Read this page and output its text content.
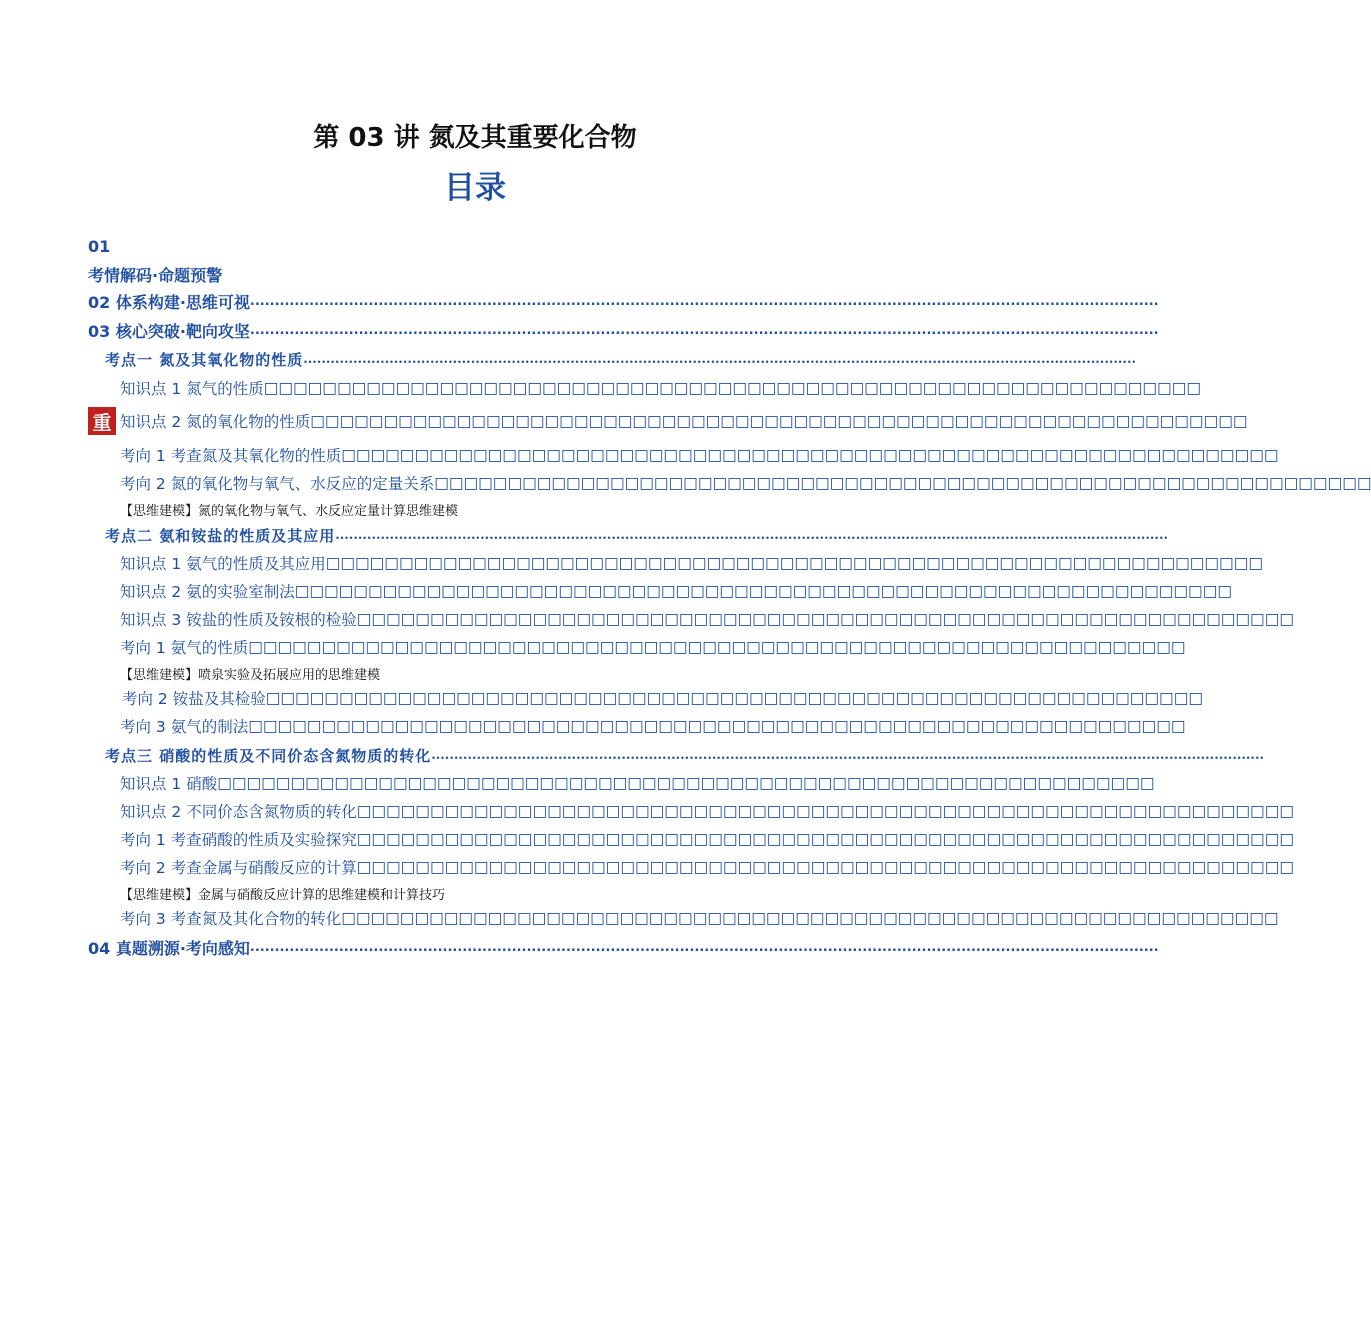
第 03 讲 氮及其重要化合物
目录
重
01
考情解码·命题预警
02 体系构建·思维可视 ........................................................................................................................................................................................
03 核心突破·靶向攻坚 ........................................................................................................................................................................................
考点一 氮及其氧化物的性质 ........................................................................................................................................................................................
知识点 1 氮气的性质 □□□□□□□□□□□□□□□□□□□□□□□□□□□□□□□□□□□□□□□□□□□□□□□□□□□□□□□□□□□□□□□□
知识点 2 氮的氧化物的性质 □□□□□□□□□□□□□□□□□□□□□□□□□□□□□□□□□□□□□□□□□□□□□□□□□□□□□□□□□□□□□□□□
考向 1 考查氮及其氧化物的性质 □□□□□□□□□□□□□□□□□□□□□□□□□□□□□□□□□□□□□□□□□□□□□□□□□□□□□□□□□□□□□□□□
考向 2 氮的氧化物与氧气、水反应的定量关系 □□□□□□□□□□□□□□□□□□□□□□□□□□□□□□□□□□□□□□□□□□□□□□□□□□□□□□□□□□□□□□□□
【思维建模】氮的氧化物与氧气、水反应定量计算思维建模
考点二 氨和铵盐的性质及其应用 ........................................................................................................................................................................................
知识点 1 氨气的性质及其应用 □□□□□□□□□□□□□□□□□□□□□□□□□□□□□□□□□□□□□□□□□□□□□□□□□□□□□□□□□□□□□□□□
知识点 2 氨的实验室制法 □□□□□□□□□□□□□□□□□□□□□□□□□□□□□□□□□□□□□□□□□□□□□□□□□□□□□□□□□□□□□□□□
知识点 3 铵盐的性质及铵根的检验 □□□□□□□□□□□□□□□□□□□□□□□□□□□□□□□□□□□□□□□□□□□□□□□□□□□□□□□□□□□□□□□□
考向 1 氨气的性质 □□□□□□□□□□□□□□□□□□□□□□□□□□□□□□□□□□□□□□□□□□□□□□□□□□□□□□□□□□□□□□□□
【思维建模】喷泉实验及拓展应用的思维建模
考向 2 铵盐及其检验 □□□□□□□□□□□□□□□□□□□□□□□□□□□□□□□□□□□□□□□□□□□□□□□□□□□□□□□□□□□□□□□□
考向 3 氨气的制法 □□□□□□□□□□□□□□□□□□□□□□□□□□□□□□□□□□□□□□□□□□□□□□□□□□□□□□□□□□□□□□□□
考点三 硝酸的性质及不同价态含氮物质的转化 ........................................................................................................................................................................................
知识点 1 硝酸 □□□□□□□□□□□□□□□□□□□□□□□□□□□□□□□□□□□□□□□□□□□□□□□□□□□□□□□□□□□□□□□□
知识点 2 不同价态含氮物质的转化 □□□□□□□□□□□□□□□□□□□□□□□□□□□□□□□□□□□□□□□□□□□□□□□□□□□□□□□□□□□□□□□□
考向 1 考查硝酸的性质及实验探究 □□□□□□□□□□□□□□□□□□□□□□□□□□□□□□□□□□□□□□□□□□□□□□□□□□□□□□□□□□□□□□□□
考向 2 考查金属与硝酸反应的计算 □□□□□□□□□□□□□□□□□□□□□□□□□□□□□□□□□□□□□□□□□□□□□□□□□□□□□□□□□□□□□□□□
【思维建模】金属与硝酸反应计算的思维建模和计算技巧
考向 3 考查氮及其化合物的转化 □□□□□□□□□□□□□□□□□□□□□□□□□□□□□□□□□□□□□□□□□□□□□□□□□□□□□□□□□□□□□□□□
04 真题溯源·考向感知 ........................................................................................................................................................................................
